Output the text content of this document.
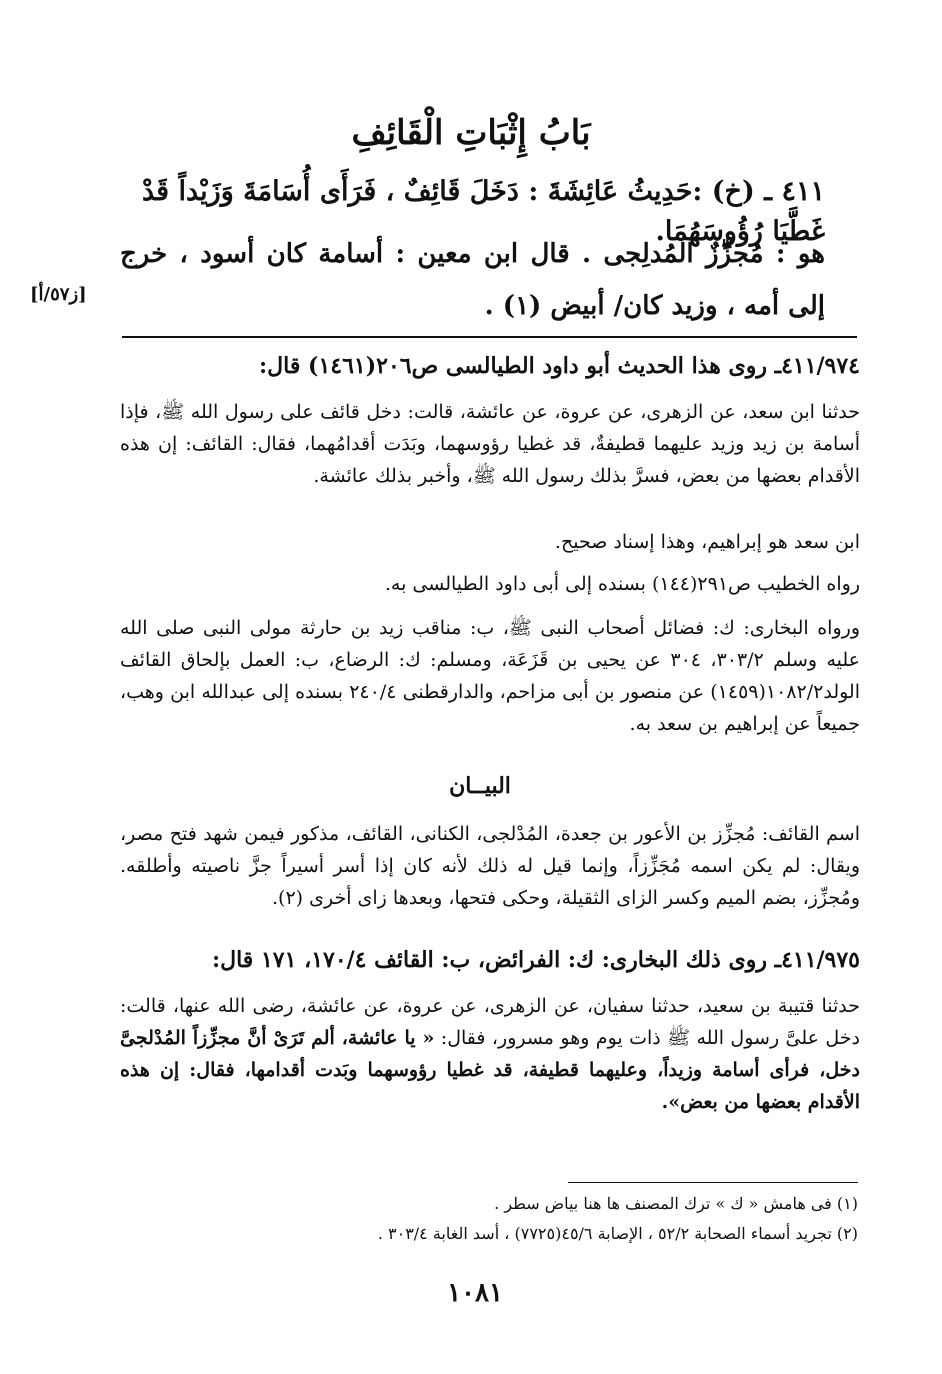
بَابُ إِثْبَاتِ الْقَائِفِ
٤١١ ـ (خ) :حَدِيثُ عَائِشَةَ : دَخَلَ قَائِفٌ ، فَرَأَى أُسَامَةَ وَزَيْداً قَدْ غَطَّيَا رُؤُوسَهُمَا.
هو : مُجزِّزٌ المُدلِجى . قال ابن معين : أسامة كان أسود ، خرج إلى أمه ، وزيد كان/ أبيض (١) .
[ز٥٧/أ]
٤١١/٩٧٤ـ روى هذا الحديث أبو داود الطيالسى ص٢٠٦(١٤٦١) قال:
حدثنا ابن سعد، عن الزهرى، عن عروة، عن عائشة، قالت: دخل قائف على رسول الله ﷺ، فإذا أسامة بن زيد وزيد عليهما قطيفةٌ، قد غطيا رؤوسهما، وبَدَت أقدامُهما، فقال: القائف: إن هذه الأقدام بعضها من بعض، فسرَّ بذلك رسول الله ﷺ، وأخبر بذلك عائشة.
ابن سعد هو إبراهيم، وهذا إسناد صحيح.
رواه الخطيب ص٢٩١(١٤٤) بسنده إلى أبى داود الطيالسى به.
ورواه البخارى: ك: فضائل أصحاب النبى ﷺ، ب: مناقب زيد بن حارثة مولى النبى صلى الله عليه وسلم ٣٠٣/٢، ٣٠٤ عن يحيى بن قَزَعَة، ومسلم: ك: الرضاع، ب: العمل بإلحاق القائف الولد١٠٨٢/٢(١٤٥٩) عن منصور بن أبى مزاحم، والدارقطنى ٢٤٠/٤ بسنده إلى عبدالله ابن وهب، جميعاً عن إبراهيم بن سعد به.
البيــان
اسم القائف: مُجزِّز بن الأعور بن جعدة، المُدْلجى، الكنانى، القائف، مذكور فيمن شهد فتح مصر، ويقال: لم يكن اسمه مُجَزِّزاً، وإنما قيل له ذلك لأنه كان إذا أسر أسيراً جزَّ ناصيته وأطلقه. ومُجزِّز، بضم الميم وكسر الزاى الثقيلة، وحكى فتحها، وبعدها زاى أخرى (٢).
٤١١/٩٧٥ـ روى ذلك البخارى: ك: الفرائض، ب: القائف ١٧٠/٤، ١٧١ قال:
حدثنا قتيبة بن سعيد، حدثنا سفيان، عن الزهرى، عن عروة، عن عائشة، رضى الله عنها، قالت: دخل علىَّ رسول الله ﷺ ذات يوم وهو مسرور، فقال: « يا عائشة، ألم تَرَىْ أنَّ مجزِّزاً المُدْلجىَّ دخل، فرأى أسامة وزيداً، وعليهما قطيفة، قد غطيا رؤوسهما وبَدت أقدامها، فقال: إن هذه الأقدام بعضها من بعض».
(١) فى هامش « ك » ترك المصنف ها هنا بياض سطر .
(٢) تجريد أسماء الصحابة ٥٢/٢ ، الإصابة ٤٥/٦(٧٧٢٥) ، أسد الغابة ٣٠٣/٤ .
١٠٨١
